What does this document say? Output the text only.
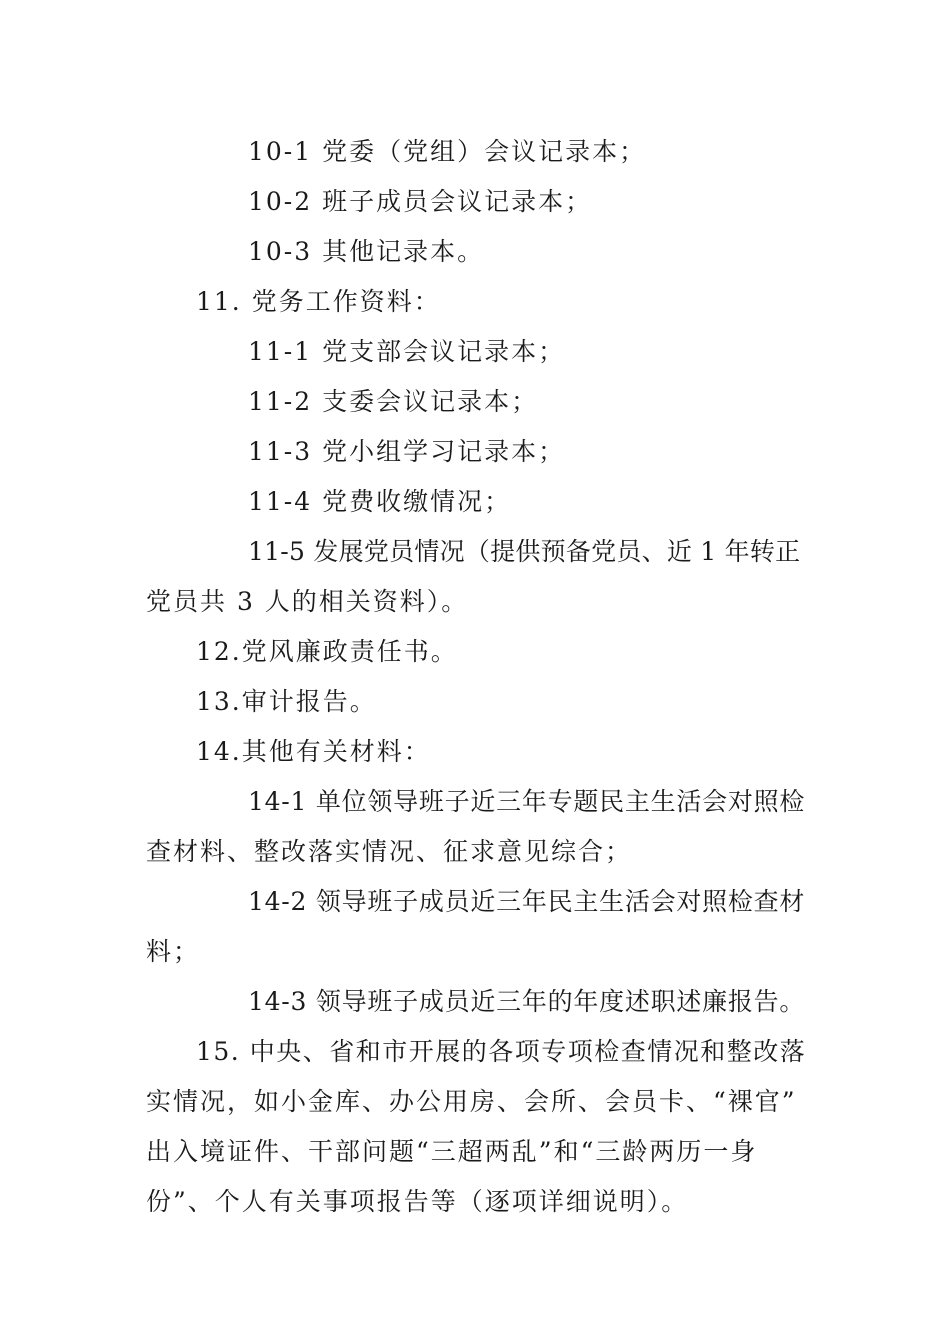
10-1 党委（党组）会议记录本；
10-2 班子成员会议记录本；
10-3 其他记录本。
11. 党务工作资料：
11-1 党支部会议记录本；
11-2 支委会议记录本；
11-3 党小组学习记录本；
11-4 党费收缴情况；
11-5 发展党员情况（提供预备党员、近 1 年转正
党员共 3 人的相关资料）。
12.党风廉政责任书。
13.审计报告。
14.其他有关材料：
14-1 单位领导班子近三年专题民主生活会对照检
查材料、整改落实情况、征求意见综合；
14-2 领导班子成员近三年民主生活会对照检查材
料；
14-3 领导班子成员近三年的年度述职述廉报告。
15. 中央、省和市开展的各项专项检查情况和整改落
实情况，如小金库、办公用房、会所、会员卡、“裸官”
出入境证件、干部问题“三超两乱”和“三龄两历一身
份”、个人有关事项报告等（逐项详细说明）。
